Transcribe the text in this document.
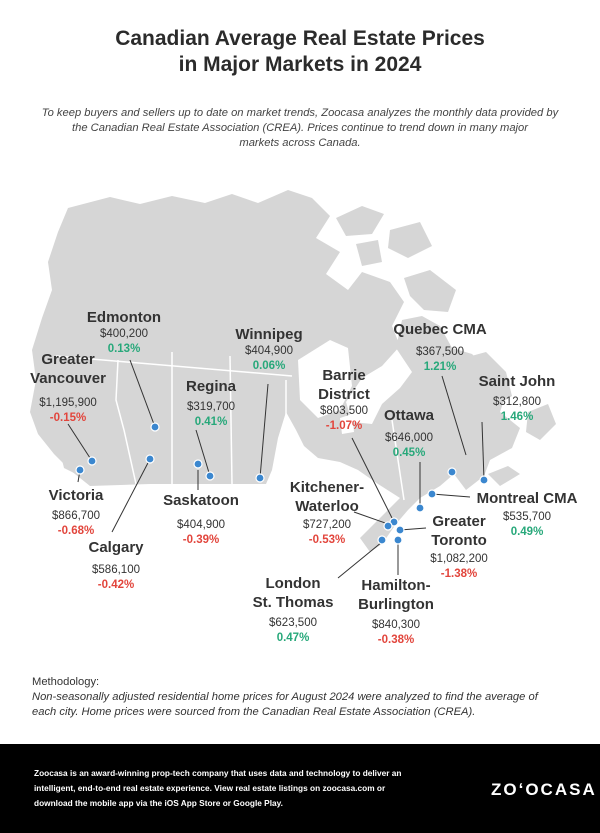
Canadian Average Real Estate Prices
in Major Markets in 2024
To keep buyers and sellers up to date on market trends, Zoocasa analyzes the monthly data provided by
the Canadian Real Estate Association (CREA). Prices continue to trend down in many major
markets across Canada.
Edmonton
$400,200
0.13%
Greater
Vancouver
$1,195,900
-0.15%
Winnipeg
$404,900
0.06%
Regina
$319,700
0.41%
Quebec CMA
$367,500
1.21%
Barrie
District
$803,500
-1.07%
Saint John
$312,800
1.46%
Ottawa
$646,000
0.45%
Victoria
$866,700
-0.68%
Saskatoon
$404,900
-0.39%
Kitchener-
Waterloo
$727,200
-0.53%
Montreal CMA
$535,700
0.49%
Greater
Toronto
$1,082,200
-1.38%
Calgary
$586,100
-0.42%	London
St. Thomas
$623,500
0.47%
Hamilton-
Burlington
$840,300
-0.38%
Methodology:
Non-seasonally adjusted residential home prices for August 2024 were analyzed to find the average of
each city. Home prices were sourced from the Canadian Real Estate Association (CREA).
Zoocasa is an award-winning prop-tech company that uses data and technology to deliver an
intelligent, end-to-end real estate experience. View real estate listings on zoocasa.com or
download the mobile app via the iOS App Store or Google Play.
ZOʻOCASA
